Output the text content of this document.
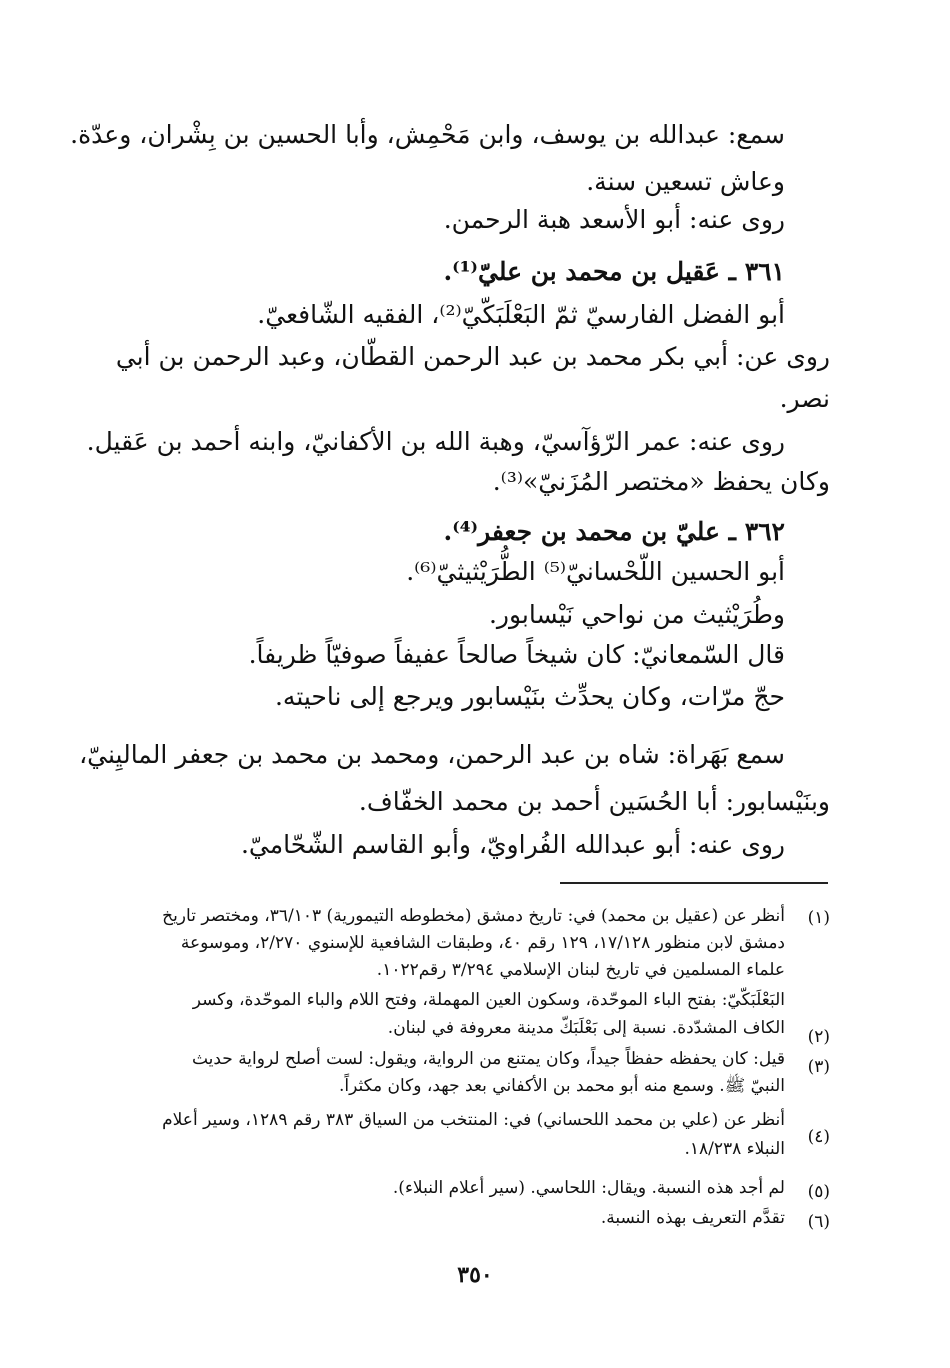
سمع: عبدالله بن يوسف، وابن مَحْمِش، وأبا الحسين بن بِشْران، وعدّة.
وعاش تسعين سنة.
روى عنه: أبو الأسعد هبة الرحمن.
٣٦١ ـ عَقيل بن محمد بن عليّ⁽¹⁾.
أبو الفضل الفارسيّ ثمّ البَعْلَبَكّيّ⁽²⁾، الفقيه الشّافعيّ.
روى عن: أبي بكر محمد بن عبد الرحمن القطّان، وعبد الرحمن بن أبي
نصر.
روى عنه: عمر الرّؤآسيّ، وهبة الله بن الأكفانيّ، وابنه أحمد بن عَقيل.
وكان يحفظ «مختصر المُزَنيّ»⁽³⁾.
٣٦٢ ـ عليّ بن محمد بن جعفر⁽⁴⁾.
أبو الحسين اللّحْسانيّ⁽⁵⁾ الطُّرَيْثيثيّ⁽⁶⁾.
وطُرَيْثيث من نواحي نَيْسابور.
قال السّمعانيّ: كان شيخاً صالحاً عفيفاً صوفيّاً ظريفاً.
حجّ مرّات، وكان يحدِّث بنَيْسابور ويرجع إلى ناحيته.
سمع بَهَراة: شاه بن عبد الرحمن، ومحمد بن محمد بن جعفر الماليِنيّ،
وبنَيْسابور: أبا الحُسَين أحمد بن محمد الخفّاف.
روى عنه: أبو عبدالله الفُراويّ، وأبو القاسم الشّحّاميّ.
(١)
أنظر عن (عقيل بن محمد) في: تاريخ دمشق (مخطوطه التيمورية) ٣٦/١٠٣، ومختصر تاريخ
دمشق لابن منظور ١٧/١٢٨، ١٢٩ رقم ٤٠، وطبقات الشافعية للإسنوي ٢/٢٧٠، وموسوعة
علماء المسلمين في تاريخ لبنان الإسلامي ٣/٢٩٤ رقم١٠٢٢.
(٢)
البَعْلَبَكّيّ: بفتح الباء الموحّدة، وسكون العين المهملة، وفتح اللام والباء الموحّدة، وكسر
الكاف المشدّدة. نسبة إلى بَعْلَبَكّ مدينة معروفة في لبنان.
(٣)
قيل: كان يحفظه حفظاً جيداً، وكان يمتنع من الرواية، ويقول: لست أصلح لرواية حديث
النبيّ ﷺ. وسمع منه أبو محمد بن الأكفاني بعد جهد، وكان مكثراً.
(٤)
أنظر عن (علي بن محمد اللحساني) في: المنتخب من السياق ٣٨٣ رقم ١٢٨٩، وسير أعلام
النبلاء ١٨/٢٣٨.
(٥)
لم أجد هذه النسبة. ويقال: اللحاسي. (سير أعلام النبلاء).
(٦)
تقدَّم التعريف بهذه النسبة.
٣٥٠
